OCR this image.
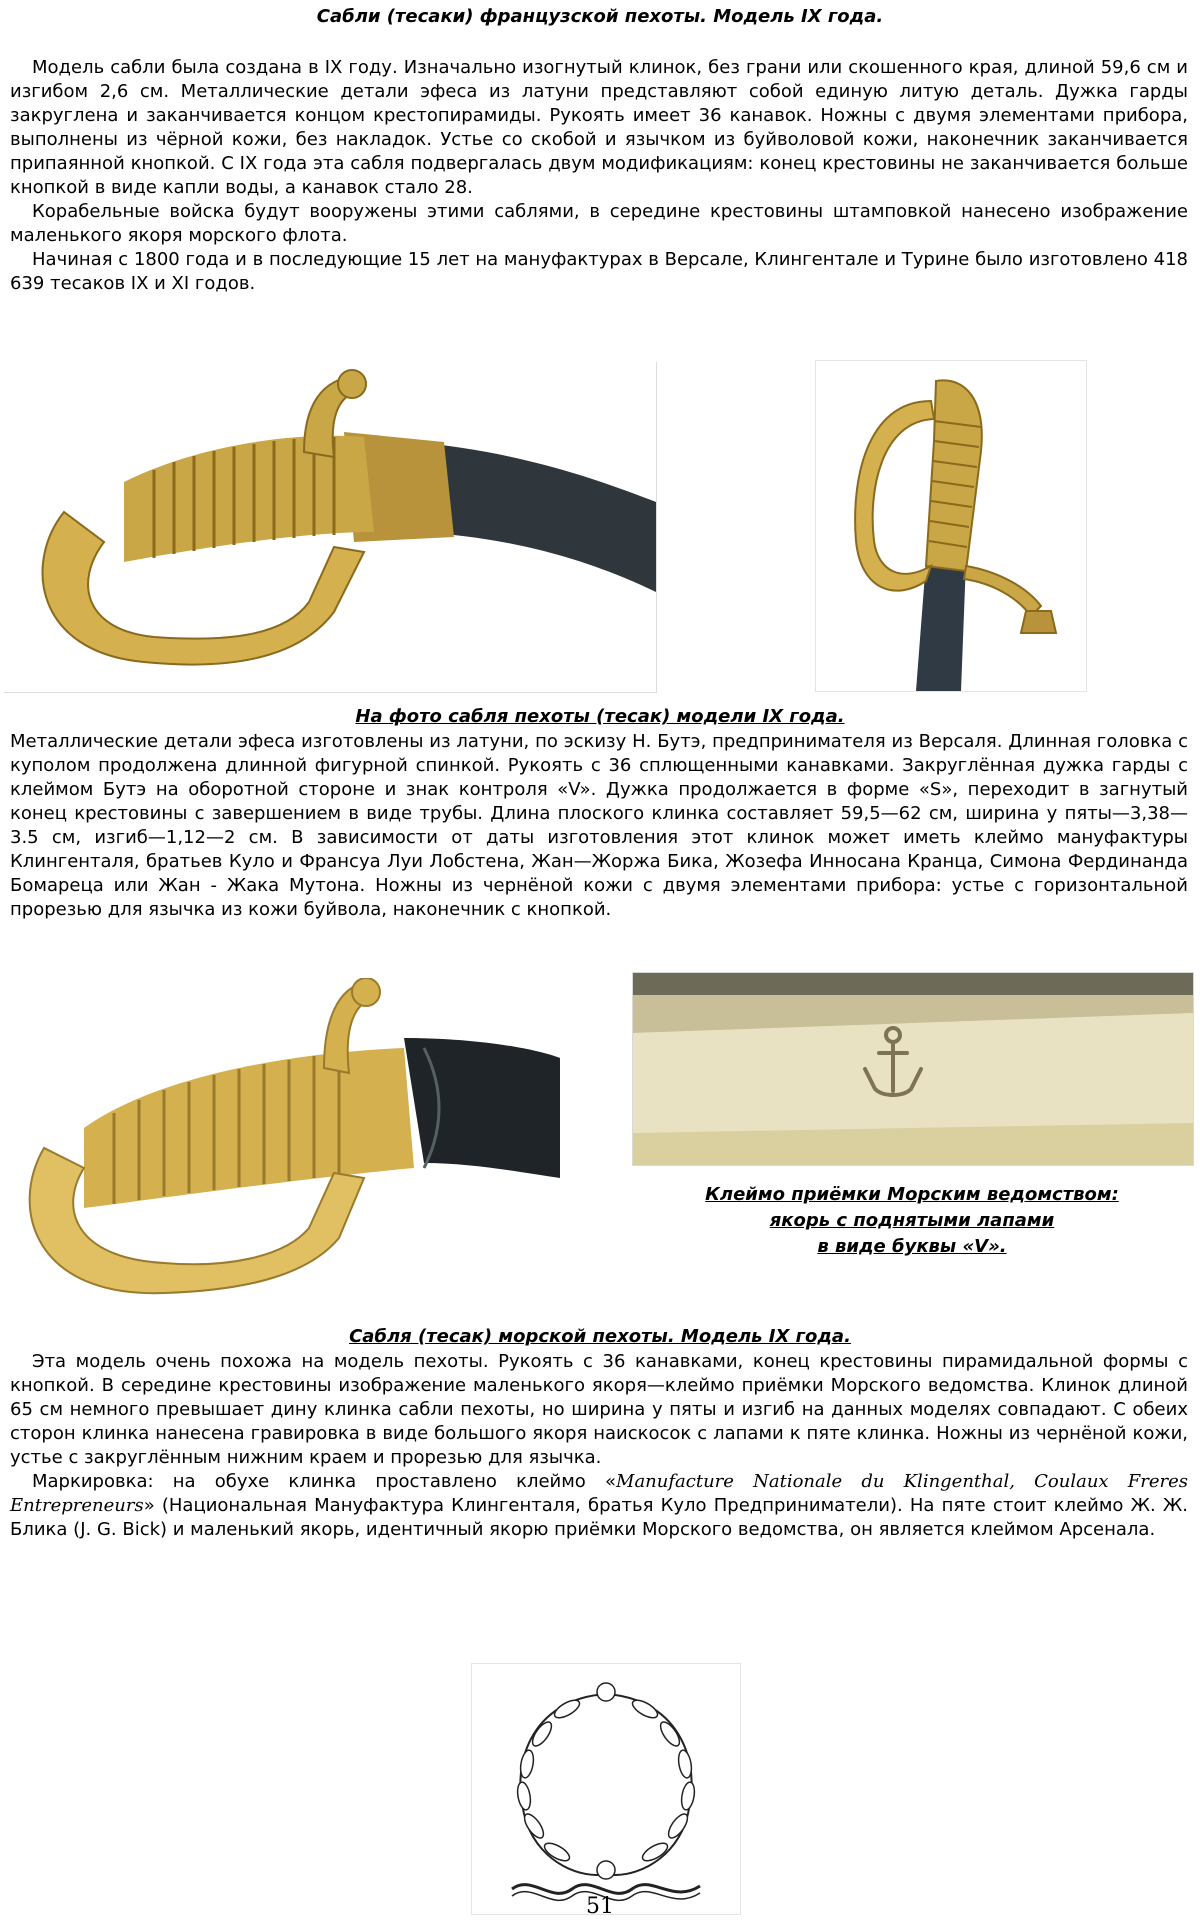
Сабли (тесаки) французской пехоты. Модель IX года.

Модель сабли была создана в IX году. Изначально изогнутый клинок, без грани или скошенного края, длиной 59,6 см и изгибом 2,6 см. Металлические детали эфеса из латуни представляют собой единую литую деталь. Дужка гарды закруглена и заканчивается концом крестопирамиды. Рукоять имеет 36 канавок. Ножны с двумя элементами прибора, выполнены из чёрной кожи, без накладок. Устье со скобой и язычком из буйволовой кожи, наконечник заканчивается припаянной кнопкой. С IX года эта сабля подвергалась двум модификациям: конец крестовины не заканчивается больше кнопкой в виде капли воды, а канавок стало 28.

Корабельные войска будут вооружены этими саблями, в середине крестовины штамповкой нанесено изображение маленького якоря морского флота.

Начиная с 1800 года и в последующие 15 лет на мануфактурах в Версале, Клингентале и Турине было изготовлено 418 639 тесаков IX и XI годов.

На фото сабля пехоты (тесак) модели IX года.

Металлические детали эфеса изготовлены из латуни, по эскизу Н. Бутэ, предпринимателя из Версаля. Длинная головка с куполом продолжена длинной фигурной спинкой. Рукоять с 36 сплющенными канавками. Закруглённая дужка гарды с клеймом Бутэ на оборотной стороне и знак контроля «V». Дужка продолжается в форме «S», переходит в загнутый конец крестовины с завершением в виде трубы. Длина плоского клинка составляет 59,5—62 см, ширина у пяты—3,38—3.5 см, изгиб—1,12—2 см. В зависимости от даты изготовления этот клинок может иметь клеймо мануфактуры Клингенталя, братьев Куло и Франсуа Луи Лобстена, Жан—Жоржа Бика, Жозефа Инносана Кранца, Симона Фердинанда Бомареца или Жан - Жака Мутона. Ножны из чернёной кожи с двумя элементами прибора: устье с горизонтальной прорезью для язычка из кожи буйвола, наконечник с кнопкой.

Клеймо приёмки Морским ведомством:
якорь с поднятыми лапами
в виде буквы «V».
Сабля (тесак) морской пехоты. Модель IX года.

Эта модель очень похожа на модель пехоты. Рукоять с 36 канавками, конец крестовины пирамидальной формы с кнопкой. В середине крестовины изображение маленького якоря—клеймо приёмки Морского ведомства. Клинок длиной 65 см немного превышает дину клинка сабли пехоты, но ширина у пяты и изгиб на данных моделях совпадают. С обеих сторон клинка нанесена гравировка в виде большого якоря наискосок с лапами к пяте клинка. Ножны из чернёной кожи, устье с закруглённым нижним краем и прорезью для язычка.

Маркировка: на обухе клинка проставлено клеймо «Manufacture Nationale du Klingenthal, Coulaux Freres Entrepreneurs» (Национальная Мануфактура Клингенталя, братья Куло Предприниматели). На пяте стоит клеймо Ж. Ж. Блика (J. G. Bick) и маленький якорь, идентичный якорю приёмки Морского ведомства, он является клеймом Арсенала.

51
